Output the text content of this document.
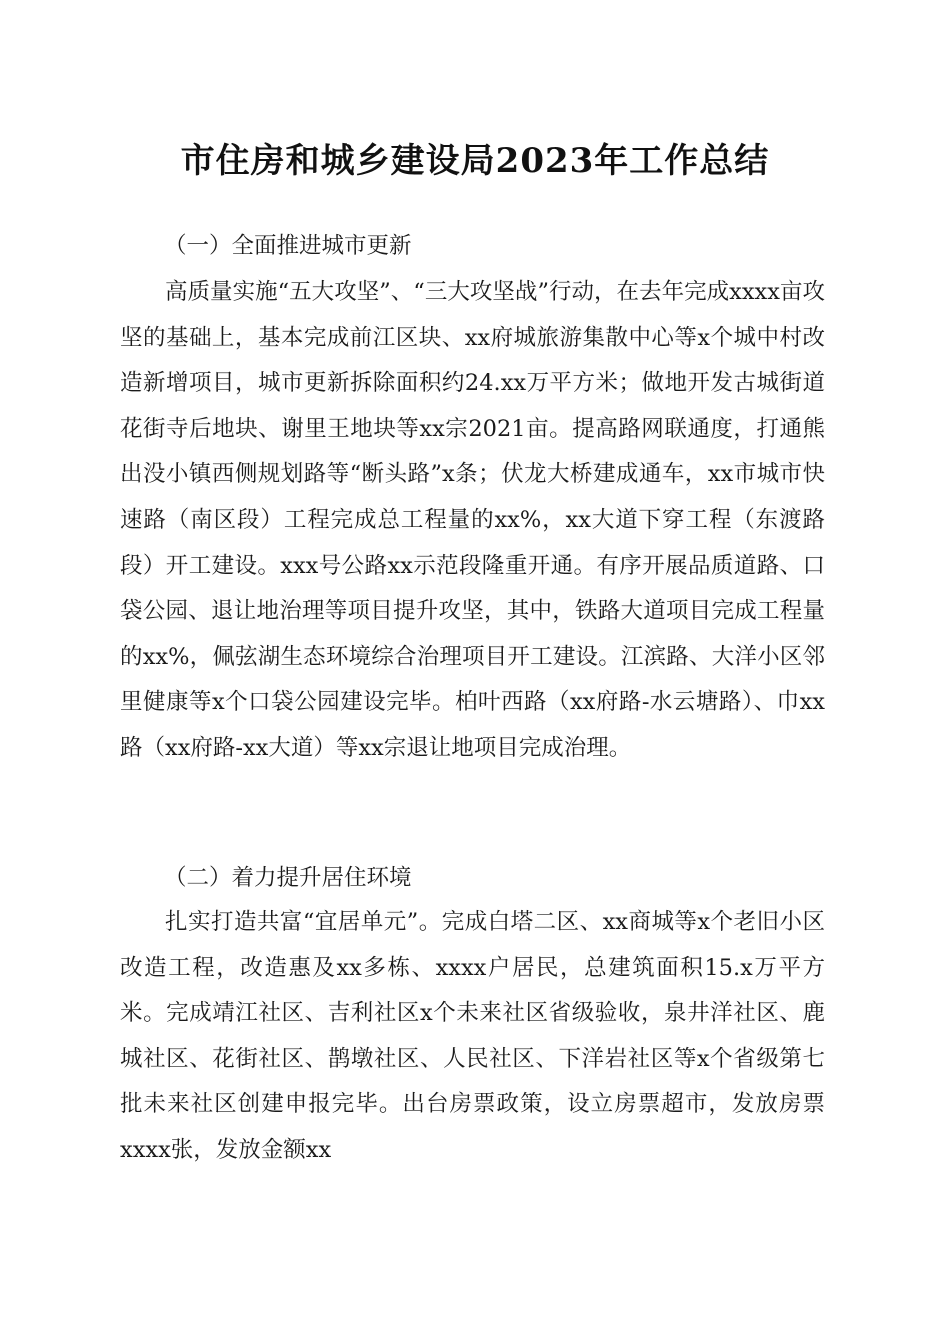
市住房和城乡建设局2023年工作总结

（一）全面推进城市更新

高质量实施“五大攻坚”、“三大攻坚战”行动，在去年完成xxxx亩攻坚的基础上，基本完成前江区块、xx府城旅游集散中心等x个城中村改造新增项目，城市更新拆除面积约24.xx万平方米；做地开发古城街道花街寺后地块、谢里王地块等xx宗2021亩。提高路网联通度，打通熊出没小镇西侧规划路等“断头路”x条；伏龙大桥建成通车，xx市城市快速路（南区段）工程完成总工程量的xx%，xx大道下穿工程（东渡路段）开工建设。xxx号公路xx示范段隆重开通。有序开展品质道路、口袋公园、退让地治理等项目提升攻坚，其中，铁路大道项目完成工程量的xx%，佩弦湖生态环境综合治理项目开工建设。江滨路、大洋小区邻里健康等x个口袋公园建设完毕。柏叶西路（xx府路-水云塘路）、巾xx路（xx府路-xx大道）等xx宗退让地项目完成治理。

（二）着力提升居住环境

扎实打造共富“宜居单元”。完成白塔二区、xx商城等x个老旧小区改造工程，改造惠及xx多栋、xxxx户居民，总建筑面积15.x万平方米。完成靖江社区、吉利社区x个未来社区省级验收，泉井洋社区、鹿城社区、花街社区、鹊墩社区、人民社区、下洋岩社区等x个省级第七批未来社区创建申报完毕。出台房票政策，设立房票超市，发放房票xxxx张，发放金额xx
